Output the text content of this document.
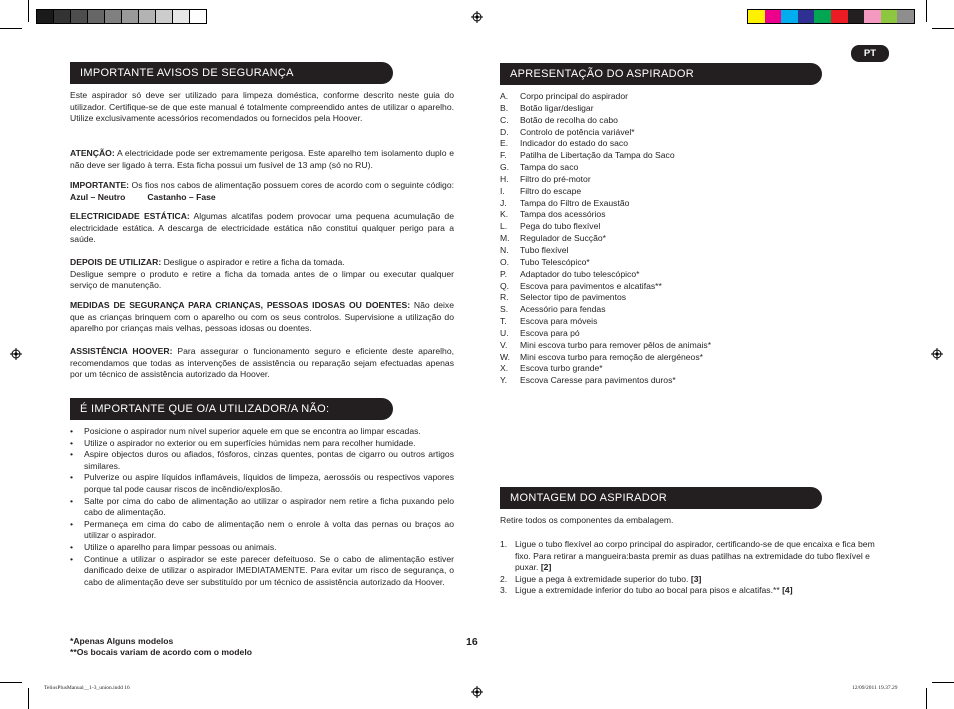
PT
IMPORTANTE AVISOS DE SEGURANÇA
Este aspirador só deve ser utilizado para limpeza doméstica, conforme descrito neste guia do utilizador. Certifique-se de que este manual é totalmente compreendido antes de utilizar o aparelho. Utilize exclusivamente acessórios recomendados ou fornecidos pela Hoover.
ATENÇÃO: A electricidade pode ser extremamente perigosa. Este aparelho tem isolamento duplo e não deve ser ligado à terra. Esta ficha possui um fusível de 13 amp (só no RU).
IMPORTANTE: Os fios nos cabos de alimentação possuem cores de acordo com o seguinte código: Azul – Neutro	Castanho – Fase
ELECTRICIDADE ESTÁTICA: Algumas alcatifas podem provocar uma pequena acumulação de electricidade estática. A descarga de electricidade estática não constitui qualquer perigo para a saúde.
DEPOIS DE UTILIZAR: Desligue o aspirador e retire a ficha da tomada.
Desligue sempre o produto e retire a ficha da tomada antes de o limpar ou executar qualquer serviço de manutenção.
MEDIDAS DE SEGURANÇA PARA CRIANÇAS, PESSOAS IDOSAS OU DOENTES: Não deixe que as crianças brinquem com o aparelho ou com os seus controlos. Supervisione a utilização do aparelho por crianças mais velhas, pessoas idosas ou doentes.
ASSISTÊNCIA HOOVER: Para assegurar o funcionamento seguro e eficiente deste aparelho, recomendamos que todas as intervenções de assistência ou reparação sejam efectuadas apenas por um técnico de assistência autorizado da Hoover.
É IMPORTANTE QUE O/A UTILIZADOR/A NÃO:
• Posicione o aspirador num nível superior aquele em que se encontra ao limpar escadas.
• Utilize o aspirador no exterior ou em superfícies húmidas nem para recolher humidade.
• Aspire objectos duros ou afiados, fósforos, cinzas quentes, pontas de cigarro ou outros artigos similares.
• Pulverize ou aspire líquidos inflamáveis, líquidos de limpeza, aerossóis ou respectivos vapores porque tal pode causar riscos de incêndio/explosão.
• Salte por cima do cabo de alimentação ao utilizar o aspirador nem retire a ficha puxando pelo cabo de alimentação.
• Permaneça em cima do cabo de alimentação nem o enrole à volta das pernas ou braços ao utilizar o aspirador.
• Utilize o aparelho para limpar pessoas ou animais.
• Continue a utilizar o aspirador se este parecer defeituoso. Se o cabo de alimentação estiver danificado deixe de utilizar o aspirador IMEDIATAMENTE. Para evitar um risco de segurança, o cabo de alimentação deve ser substituído por um técnico de assistência autorizado da Hoover.
*Apenas Alguns modelos
**Os bocais variam de acordo com o modelo
16
APRESENTAÇÃO DO ASPIRADOR
A.	Corpo principal do aspirador
B.	Botão ligar/desligar
C.	Botão de recolha do cabo
D.	Controlo de potência variável*
E.	Indicador do estado do saco
F.	Patilha de Libertação da Tampa do Saco
G.	Tampa do saco
H.	Filtro do pré-motor
I.	Filtro do escape
J.	Tampa do Filtro de Exaustão
K.	Tampa dos acessórios
L.	Pega do tubo flexível
M.	Regulador de Sucção*
N.	Tubo flexível
O.	Tubo Telescópico*
P.	Adaptador do tubo telescópico*
Q.	Escova para pavimentos e alcatifas**
R.	Selector tipo de pavimentos
S.	Acessório para fendas
T.	Escova para móveis
U.	Escova para pó
V.	Mini escova turbo para remover pêlos de animais*
W.	Mini escova turbo para remoção de alergéneos*
X.	Escova turbo grande*
Y.	Escova Caresse para pavimentos duros*
MONTAGEM DO ASPIRADOR
Retire todos os componentes da embalagem.
1. Ligue o tubo flexível ao corpo principal do aspirador, certificando-se de que encaixa e fica bem fixo. Para retirar a mangueira:basta premir as duas patilhas na extremidade do tubo flexível e puxar. [2]
2. Ligue a pega à extremidade superior do tubo. [3]
3. Ligue a extremidade inferior do tubo ao bocal para pisos e alcatifas.** [4]
TeliosPlusManual__1-3_union.indd 16	12/09/2011 19.37.29
